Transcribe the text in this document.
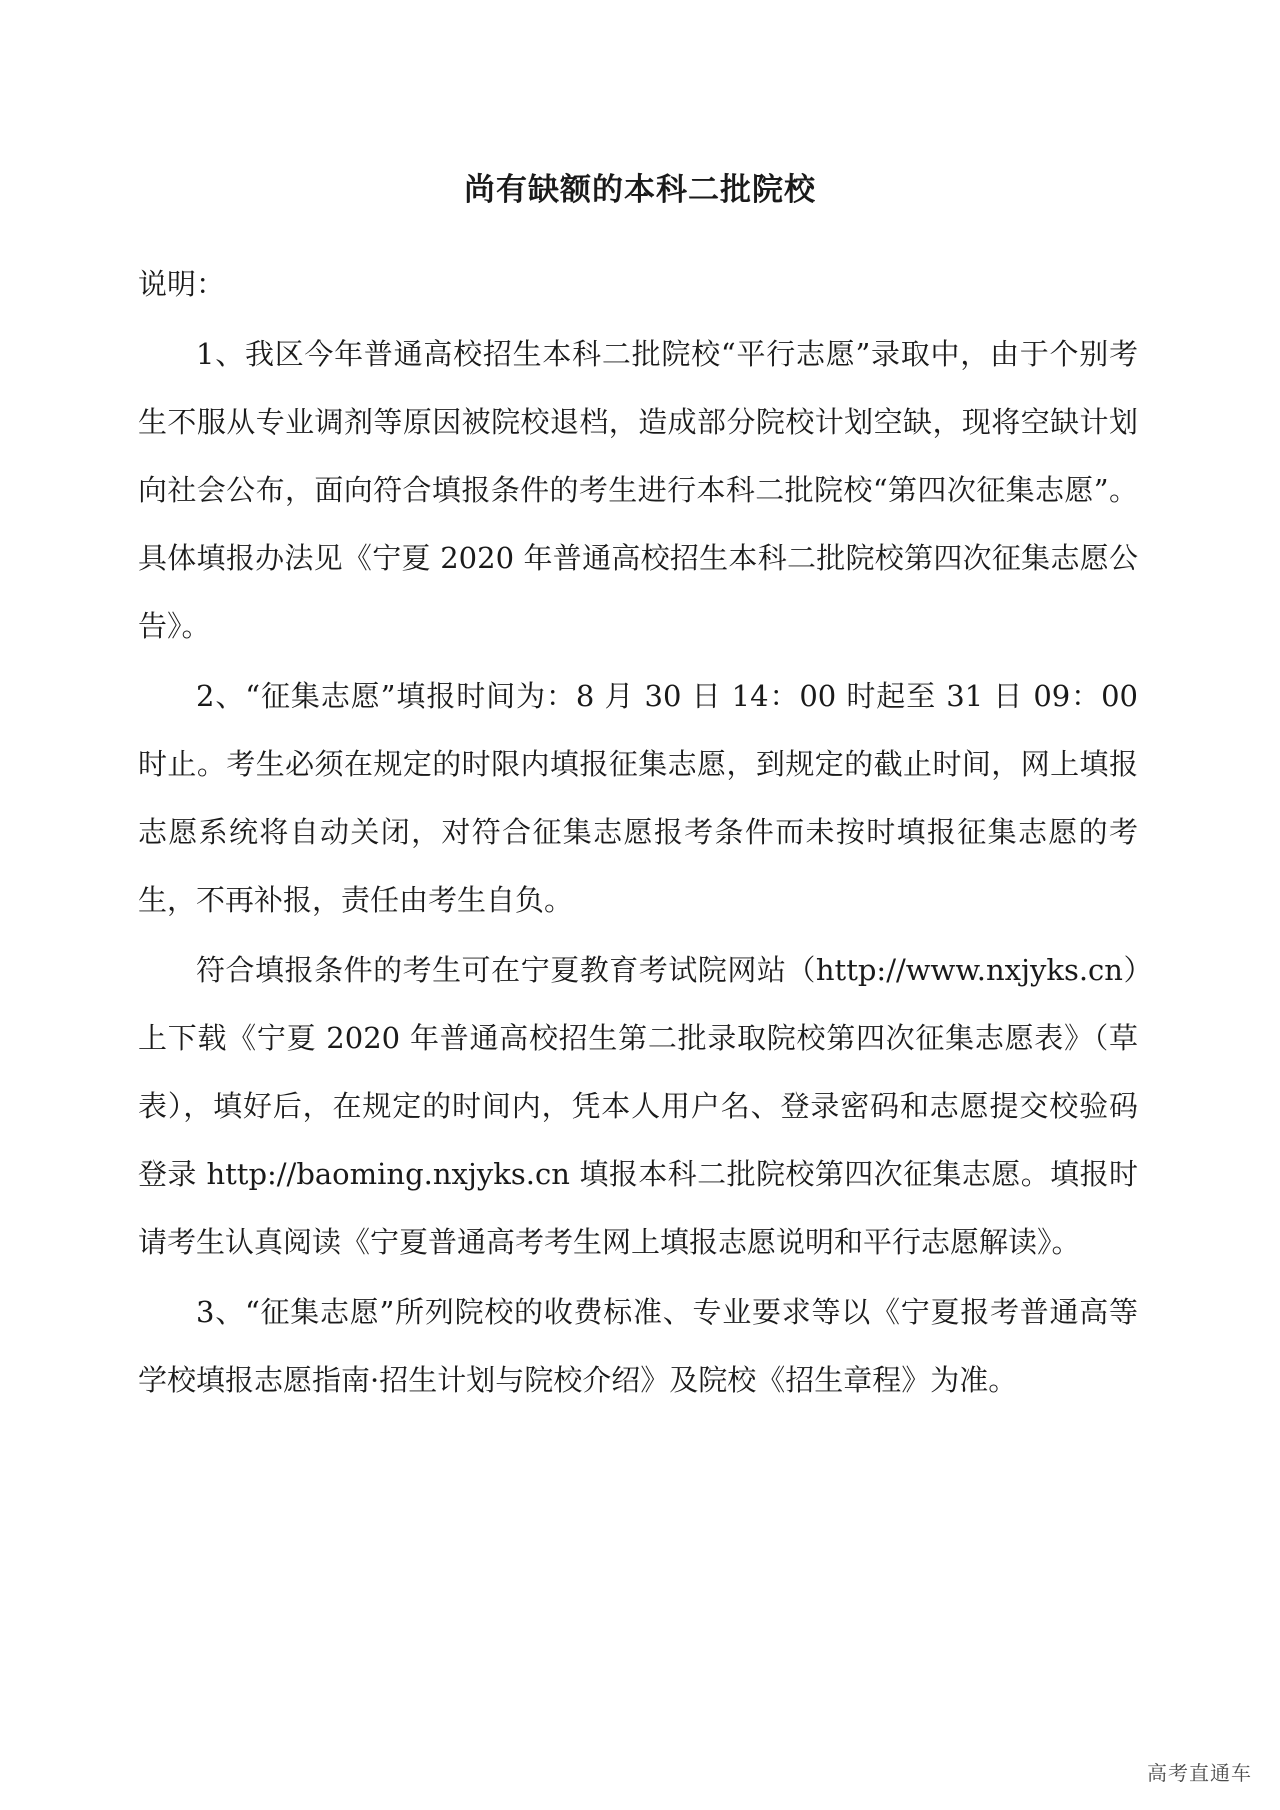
尚有缺额的本科二批院校

说明：

1、我区今年普通高校招生本科二批院校“平行志愿”录取中，由于个别考生不服从专业调剂等原因被院校退档，造成部分院校计划空缺，现将空缺计划向社会公布，面向符合填报条件的考生进行本科二批院校“第四次征集志愿”。具体填报办法见《宁夏 2020 年普通高校招生本科二批院校第四次征集志愿公告》。

2、“征集志愿”填报时间为：8 月 30 日 14：00 时起至 31 日 09：00 时止。考生必须在规定的时限内填报征集志愿，到规定的截止时间，网上填报志愿系统将自动关闭，对符合征集志愿报考条件而未按时填报征集志愿的考生，不再补报，责任由考生自负。

符合填报条件的考生可在宁夏教育考试院网站（http://www.nxjyks.cn）上下载《宁夏 2020 年普通高校招生第二批录取院校第四次征集志愿表》（草表），填好后，在规定的时间内，凭本人用户名、登录密码和志愿提交校验码登录 http://baoming.nxjyks.cn 填报本科二批院校第四次征集志愿。填报时请考生认真阅读《宁夏普通高考考生网上填报志愿说明和平行志愿解读》。

3、“征集志愿”所列院校的收费标准、专业要求等以《宁夏报考普通高等学校填报志愿指南·招生计划与院校介绍》及院校《招生章程》为准。

高考直通车
